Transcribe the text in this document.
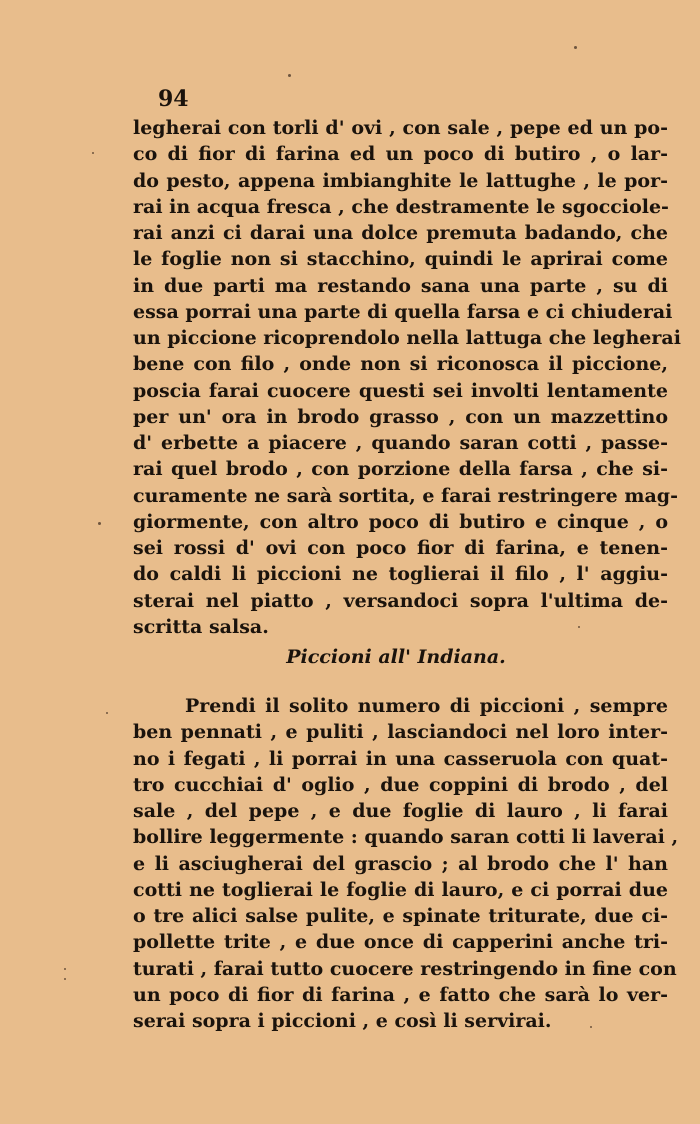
94
legherai con torli d' ovi , con sale , pepe ed un po-
co di fior di farina ed un poco di butiro , o lar-
do pesto, appena imbianghite le lattughe , le por-
rai in acqua fresca , che destramente le sgocciole-
rai anzi ci darai una dolce premuta badando, che
le foglie non si stacchino, quindi le aprirai come
in due parti ma restando sana una parte , su di
essa porrai una parte di quella farsa e ci chiuderai
un piccione ricoprendolo nella lattuga che legherai
bene con filo , onde non si riconosca il piccione,
poscia farai cuocere questi sei involti lentamente
per un' ora in brodo grasso , con un mazzettino
d' erbette a piacere , quando saran cotti , passe-
rai quel brodo , con porzione della farsa , che si-
curamente ne sarà sortita, e farai restringere mag-
giormente, con altro poco di butiro e cinque , o
sei rossi d' ovi con poco fior di farina, e tenen-
do caldi li piccioni ne toglierai il filo , l' aggiu-
sterai nel piatto , versandoci sopra l'ultima de-
scritta salsa.
Piccioni all' Indiana.
Prendi il solito numero di piccioni , sempre
ben pennati , e puliti , lasciandoci nel loro inter-
no i fegati , li porrai in una casseruola con quat-
tro cucchiai d' oglio , due coppini di brodo , del
sale , del pepe , e due foglie di lauro , li farai
bollire leggermente : quando saran cotti li laverai ,
e li asciugherai del grascio ; al brodo che l' han
cotti ne toglierai le foglie di lauro, e ci porrai due
o tre alici salse pulite, e spinate triturate, due ci-
pollette trite , e due once di capperini anche tri-
turati , farai tutto cuocere restringendo in fine con
un poco di fior di farina , e fatto che sarà lo ver-
serai sopra i piccioni , e così li servirai.
